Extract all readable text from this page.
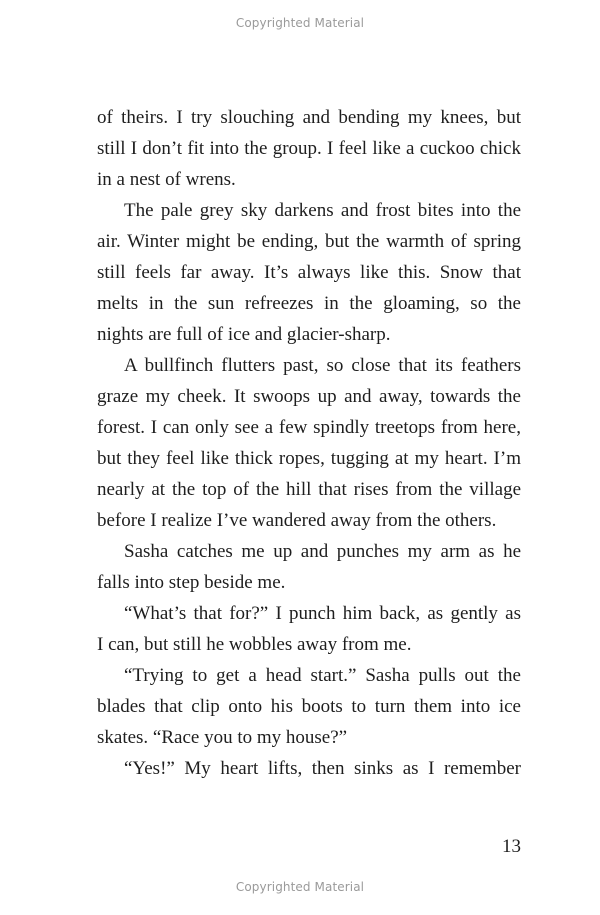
Copyrighted Material
of theirs. I try slouching and bending my knees, but
still I don’t fit into the group. I feel like a cuckoo chick
in a nest of wrens.
The pale grey sky darkens and frost bites into the
air. Winter might be ending, but the warmth of spring
still feels far away. It’s always like this. Snow that
melts in the sun refreezes in the gloaming, so the
nights are full of ice and glacier-sharp.
A bullfinch flutters past, so close that its feathers
graze my cheek. It swoops up and away, towards the
forest. I can only see a few spindly treetops from here,
but they feel like thick ropes, tugging at my heart. I’m
nearly at the top of the hill that rises from the village
before I realize I’ve wandered away from the others.
Sasha catches me up and punches my arm as he
falls into step beside me.
“What’s that for?” I punch him back, as gently as
I can, but still he wobbles away from me.
“Trying to get a head start.” Sasha pulls out the
blades that clip onto his boots to turn them into ice
skates. “Race you to my house?”
“Yes!” My heart lifts, then sinks as I remember
13
Copyrighted Material
